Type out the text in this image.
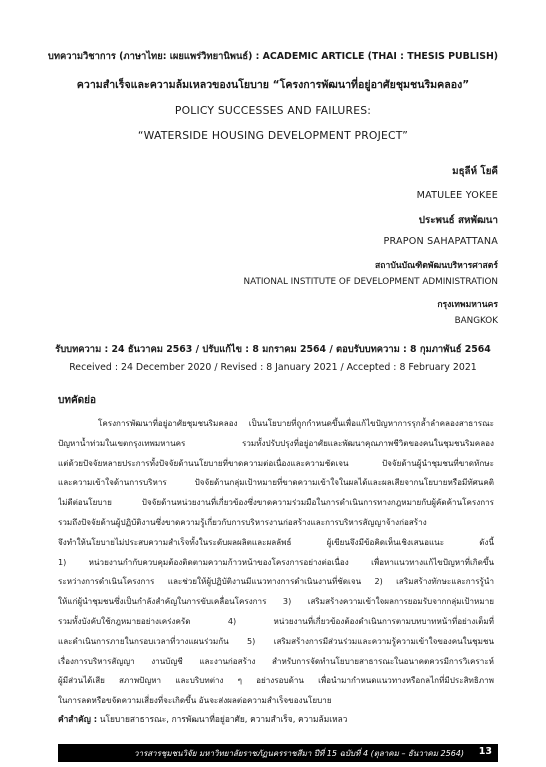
บทความวิชาการ (ภาษาไทย: เผยแพร่วิทยานิพนธ์) : ACADEMIC ARTICLE (THAI : THESIS PUBLISH)
ความสำเร็จและความล้มเหลวของนโยบาย “โครงการพัฒนาที่อยู่อาศัยชุมชนริมคลอง”
POLICY SUCCESSES AND FAILURES:
“WATERSIDE HOUSING DEVELOPMENT PROJECT”
มธุลีห์ โยคี
MATULEE YOKEE
ประพนธ์ สหพัฒนา
PRAPON SAHAPATTANA
สถาบันบัณฑิตพัฒนบริหารศาสตร์
NATIONAL INSTITUTE OF DEVELOPMENT ADMINISTRATION
กรุงเทพมหานคร
BANGKOK
รับบทความ : 24 ธันวาคม 2563 / ปรับแก้ไข : 8 มกราคม 2564 / ตอบรับบทความ : 8 กุมภาพันธ์ 2564
Received : 24 December 2020 / Revised : 8 January 2021 / Accepted : 8 February 2021
บทคัดย่อ
โครงการพัฒนาที่อยู่อาศัยชุมชนริมคลอง เป็นนโยบายที่ถูกกำหนดขึ้นเพื่อแก้ไขปัญหาการรุกล้ำลำคลองสาธารณะ
ปัญหาน้ำท่วมในเขตกรุงเทพมหานคร รวมทั้งปรับปรุงที่อยู่อาศัยและพัฒนาคุณภาพชีวิตของคนในชุมชนริมคลอง
แต่ด้วยปัจจัยหลายประการทั้งปัจจัยด้านนโยบายที่ขาดความต่อเนื่องและความชัดเจน ปัจจัยด้านผู้นำชุมชนที่ขาดทักษะ
และความเข้าใจด้านการบริหาร ปัจจัยด้านกลุ่มเป้าหมายที่ขาดความเข้าใจในผลได้และผลเสียจากนโยบายหรือมีทัศนคติ
ไม่ดีต่อนโยบาย ปัจจัยด้านหน่วยงานที่เกี่ยวข้องซึ่งขาดความร่วมมือในการดำเนินการทางกฎหมายกับผู้คัดค้านโครงการ
รวมถึงปัจจัยด้านผู้ปฏิบัติงานซึ่งขาดความรู้เกี่ยวกับการบริหารงานก่อสร้างและการบริหารสัญญาจ้างก่อสร้าง
จึงทำให้นโยบายไม่ประสบความสำเร็จทั้งในระดับผลผลิตและผลลัพธ์ ผู้เขียนจึงมีข้อคิดเห็นเชิงเสนอแนะ ดังนี้
1) หน่วยงานกำกับควบคุมต้องติดตามความก้าวหน้าของโครงการอย่างต่อเนื่อง เพื่อหาแนวทางแก้ไขปัญหาที่เกิดขึ้น
ระหว่างการดำเนินโครงการ และช่วยให้ผู้ปฏิบัติงานมีแนวทางการดำเนินงานที่ชัดเจน 2) เสริมสร้างทักษะและการรู้นำ
ให้แก่ผู้นำชุมชนซึ่งเป็นกำลังสำคัญในการขับเคลื่อนโครงการ 3) เสริมสร้างความเข้าใจผลการยอมรับจากกลุ่มเป้าหมาย
รวมทั้งบังคับใช้กฎหมายอย่างเคร่งครัด 4) หน่วยงานที่เกี่ยวข้องต้องดำเนินการตามบทบาทหน้าที่อย่างเต็มที่
และดำเนินการภายในกรอบเวลาที่วางแผนร่วมกัน 5) เสริมสร้างการมีส่วนร่วมและความรู้ความเข้าใจของคนในชุมชน
เรื่องการบริหารสัญญา งานบัญชี และงานก่อสร้าง สำหรับการจัดทำนโยบายสาธารณะในอนาคตควรมีการวิเคราะห์
ผู้มีส่วนได้เสีย สภาพปัญหา และบริบทต่าง ๆ อย่างรอบด้าน เพื่อนำมากำหนดแนวทางหรือกลไกที่มีประสิทธิภาพ
ในการลดหรือขจัดความเสี่ยงที่จะเกิดขึ้น อันจะส่งผลต่อความสำเร็จของนโยบาย
คำสำคัญ : นโยบายสาธารณะ, การพัฒนาที่อยู่อาศัย, ความสำเร็จ, ความล้มเหลว
วารสารชุมชนวิจัย มหาวิทยาลัยราชภัฏนครราชสีมา ปีที่ 15 ฉบับที่ 4 (ตุลาคม – ธันวาคม 2564) 13
